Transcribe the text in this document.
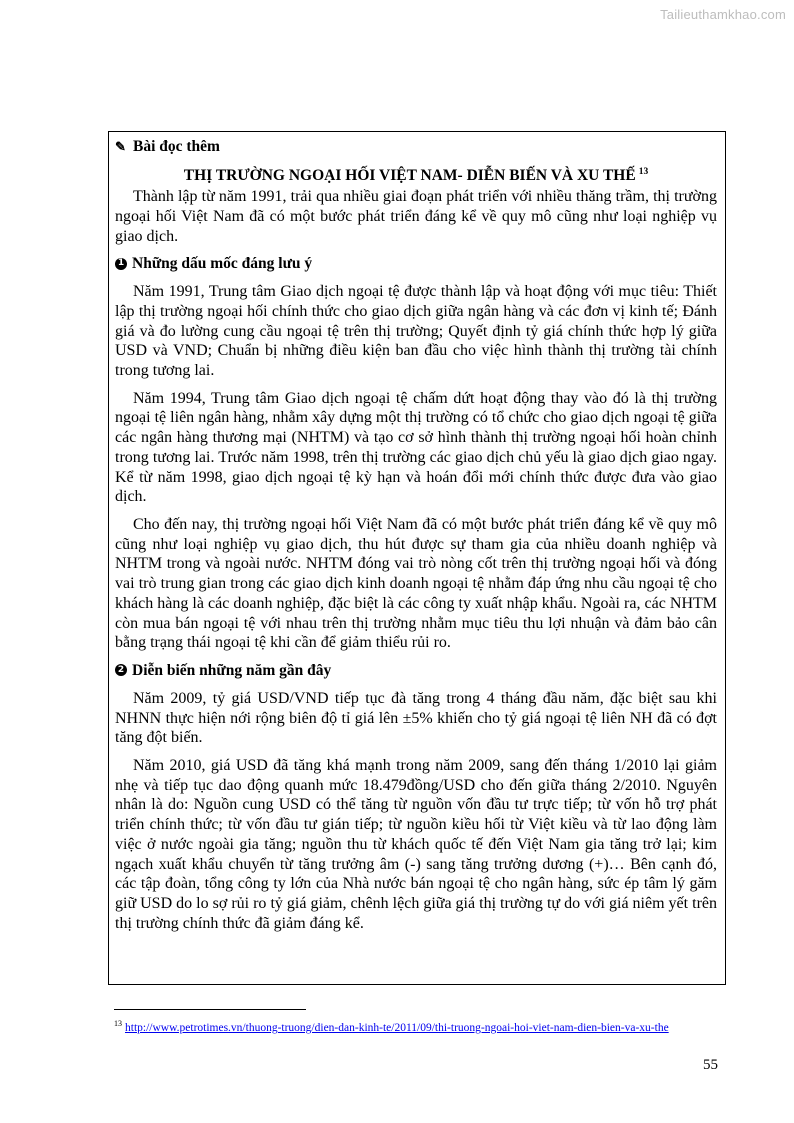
Tailieuthamkhao.com
✎ Bài đọc thêm
THỊ TRƯỜNG NGOẠI HỐI VIỆT NAM- DIỄN BIẾN VÀ XU THẾ $^{13}$

Thành lập từ năm 1991, trải qua nhiều giai đoạn phát triển với nhiều thăng trầm, thị trường ngoại hối Việt Nam đã có một bước phát triển đáng kể về quy mô cũng như loại nghiệp vụ giao dịch.

1 Những dấu mốc đáng lưu ý

Năm 1991, Trung tâm Giao dịch ngoại tệ được thành lập và hoạt động với mục tiêu: Thiết lập thị trường ngoại hối chính thức cho giao dịch giữa ngân hàng và các đơn vị kinh tế; Đánh giá và đo lường cung cầu ngoại tệ trên thị trường; Quyết định tỷ giá chính thức hợp lý giữa USD và VND; Chuẩn bị những điều kiện ban đầu cho việc hình thành thị trường tài chính trong tương lai.

Năm 1994, Trung tâm Giao dịch ngoại tệ chấm dứt hoạt động thay vào đó là thị trường ngoại tệ liên ngân hàng, nhằm xây dựng một thị trường có tổ chức cho giao dịch ngoại tệ giữa các ngân hàng thương mại (NHTM) và tạo cơ sở hình thành thị trường ngoại hối hoàn chỉnh trong tương lai. Trước năm 1998, trên thị trường các giao dịch chủ yếu là giao dịch giao ngay. Kể từ năm 1998, giao dịch ngoại tệ kỳ hạn và hoán đổi mới chính thức được đưa vào giao dịch.

Cho đến nay, thị trường ngoại hối Việt Nam đã có một bước phát triển đáng kể về quy mô cũng như loại nghiệp vụ giao dịch, thu hút được sự tham gia của nhiều doanh nghiệp và NHTM trong và ngoài nước. NHTM đóng vai trò nòng cốt trên thị trường ngoại hối và đóng vai trò trung gian trong các giao dịch kinh doanh ngoại tệ nhằm đáp ứng nhu cầu ngoại tệ cho khách hàng là các doanh nghiệp, đặc biệt là các công ty xuất nhập khẩu. Ngoài ra, các NHTM còn mua bán ngoại tệ với nhau trên thị trường nhằm mục tiêu thu lợi nhuận và đảm bảo cân bằng trạng thái ngoại tệ khi cần để giảm thiểu rủi ro.

2 Diễn biến những năm gần đây

Năm 2009, tỷ giá USD/VND tiếp tục đà tăng trong 4 tháng đầu năm, đặc biệt sau khi NHNN thực hiện nới rộng biên độ tỉ giá lên ±5% khiến cho tỷ giá ngoại tệ liên NH đã có đợt tăng đột biến.

Năm 2010, giá USD đã tăng khá mạnh trong năm 2009, sang đến tháng 1/2010 lại giảm nhẹ và tiếp tục dao động quanh mức 18.479đồng/USD cho đến giữa tháng 2/2010. Nguyên nhân là do: Nguồn cung USD có thể tăng từ nguồn vốn đầu tư trực tiếp; từ vốn hỗ trợ phát triển chính thức; từ vốn đầu tư gián tiếp; từ nguồn kiều hối từ Việt kiều và từ lao động làm việc ở nước ngoài gia tăng; nguồn thu từ khách quốc tế đến Việt Nam gia tăng trở lại; kim ngạch xuất khẩu chuyển từ tăng trưởng âm (-) sang tăng trưởng dương (+)… Bên cạnh đó, các tập đoàn, tổng công ty lớn của Nhà nước bán ngoại tệ cho ngân hàng, sức ép tâm lý găm giữ USD do lo sợ rủi ro tỷ giá giảm, chênh lệch giữa giá thị trường tự do với giá niêm yết trên thị trường chính thức đã giảm đáng kể.

$^{13}$ http://www.petrotimes.vn/thuong-truong/dien-dan-kinh-te/2011/09/thi-truong-ngoai-hoi-viet-nam-dien-bien-va-xu-the
55
